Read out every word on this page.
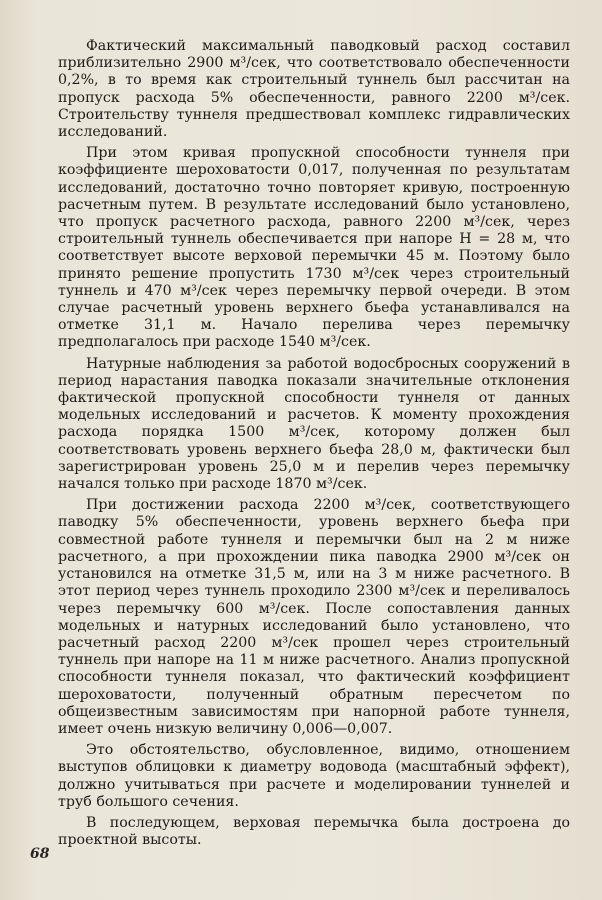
Фактический максимальный паводковый расход составил приблизительно 2900 м³/сек, что соответствовало обеспеченности 0,2%, в то время как строительный туннель был рассчитан на пропуск расхода 5% обеспеченности, равного 2200 м³/сек. Строительству туннеля предшествовал комплекс гидравлических исследований.

При этом кривая пропускной способности туннеля при коэффициенте шероховатости 0,017, полученная по результатам исследований, достаточно точно повторяет кривую, построенную расчетным путем. В результате исследований было установлено, что пропуск расчетного расхода, равного 2200 м³/сек, через строительный туннель обеспечивается при напоре Н = 28 м, что соответствует высоте верховой перемычки 45 м. Поэтому было принято решение пропустить 1730 м³/сек через строительный туннель и 470 м³/сек через перемычку первой очереди. В этом случае расчетный уровень верхнего бьефа устанавливался на отметке 31,1 м. Начало перелива через перемычку предполагалось при расходе 1540 м³/сек.

Натурные наблюдения за работой водосбросных сооружений в период нарастания паводка показали значительные отклонения фактической пропускной способности туннеля от данных модельных исследований и расчетов. К моменту прохождения расхода порядка 1500 м³/сек, которому должен был соответствовать уровень верхнего бьефа 28,0 м, фактически был зарегистрирован уровень 25,0 м и перелив через перемычку начался только при расходе 1870 м³/сек.

При достижении расхода 2200 м³/сек, соответствующего паводку 5% обеспеченности, уровень верхнего бьефа при совместной работе туннеля и перемычки был на 2 м ниже расчетного, а при прохождении пика паводка 2900 м³/сек он установился на отметке 31,5 м, или на 3 м ниже расчетного. В этот период через туннель проходило 2300 м³/сек и переливалось через перемычку 600 м³/сек. После сопоставления данных модельных и натурных исследований было установлено, что расчетный расход 2200 м³/сек прошел через строительный туннель при напоре на 11 м ниже расчетного. Анализ пропускной способности туннеля показал, что фактический коэффициент шероховатости, полученный обратным пересчетом по общеизвестным зависимостям при напорной работе туннеля, имеет очень низкую величину 0,006—0,007.

Это обстоятельство, обусловленное, видимо, отношением выступов облицовки к диаметру водовода (масштабный эффект), должно учитываться при расчете и моделировании туннелей и труб большого сечения.

В последующем, верховая перемычка была достроена до проектной высоты.

68
